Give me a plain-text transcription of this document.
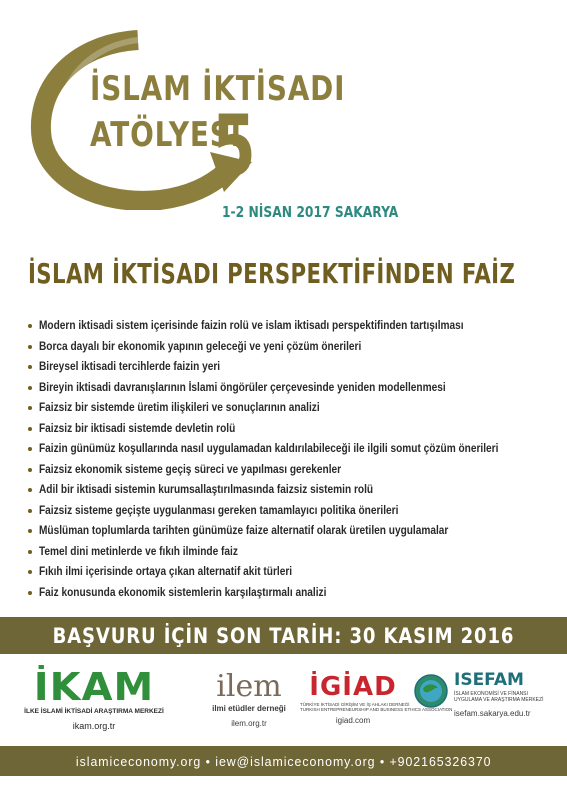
İSLAM İKTİSADI
ATÖLYESİ
5
1-2 NİSAN 2017 SAKARYA
İSLAM İKTİSADI PERSPEKTİFİNDEN FAİZ
Modern iktisadi sistem içerisinde faizin rolü ve islam iktisadı perspektifinden tartışılması
Borca dayalı bir ekonomik yapının geleceği ve yeni çözüm önerileri
Bireysel iktisadi tercihlerde faizin yeri
Bireyin iktisadi davranışlarının İslami öngörüler çerçevesinde yeniden modellenmesi
Faizsiz bir sistemde üretim ilişkileri ve sonuçlarının analizi
Faizsiz bir iktisadi sistemde devletin rolü
Faizin günümüz koşullarında nasıl uygulamadan kaldırılabileceği ile ilgili somut çözüm önerileri
Faizsiz ekonomik sisteme geçiş süreci ve yapılması gerekenler
Adil bir iktisadi sistemin kurumsallaştırılmasında faizsiz sistemin rolü
Faizsiz sisteme geçişte uygulanması gereken tamamlayıcı politika önerileri
Müslüman toplumlarda tarihten günümüze faize alternatif olarak üretilen uygulamalar
Temel dini metinlerde ve fıkıh ilminde faiz
Fıkıh ilmi içerisinde ortaya çıkan alternatif akit türleri
Faiz konusunda ekonomik sistemlerin karşılaştırmalı analizi
BAŞVURU İÇİN SON TARİH: 30 KASIM 2016
İKAM
İLKE İSLAMİ İKTİSADİ ARAŞTIRMA MERKEZİ
ikam.org.tr
ilem
ilmi etüdler derneği
ilem.org.tr
İGİAD
TÜRKİYE İKTİSADİ GİRİŞİM VE İŞ AHLAKI DERNEĞİ
TURKISH ENTREPRENEURSHIP AND BUSINESS ETHICS ASSOCIATION
igiad.com
ISEFAM
İSLAM EKONOMİSİ VE FİNANSI
UYGULAMA VE ARAŞTIRMA MERKEZİ
isefam.sakarya.edu.tr
islamiceconomy.org • iew@islamiceconomy.org • +902165326370
